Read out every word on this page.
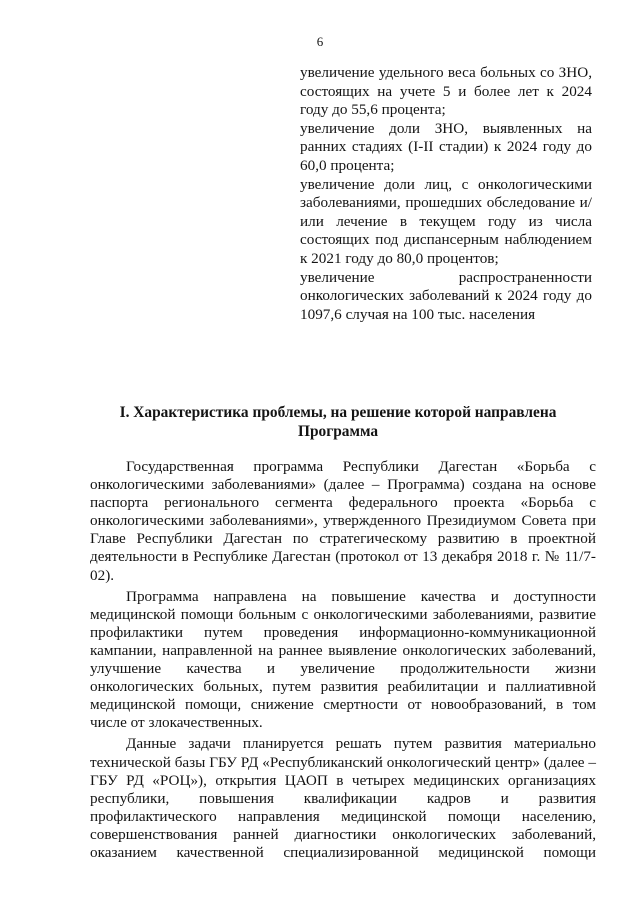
6
увеличение удельного веса больных со ЗНО, состоящих на учете 5 и более лет к 2024 году до 55,6 процента;
увеличение доли ЗНО, выявленных на ранних стадиях (I-II стадии) к 2024 году до 60,0 процента;
увеличение доли лиц, с онкологическими заболеваниями, прошедших обследование и/или лечение в текущем году из числа состоящих под диспансерным наблюдением к 2021 году до 80,0 процентов;
увеличение распространенности онкологических заболеваний к 2024 году до 1097,6 случая на 100 тыс. населения
I. Характеристика проблемы, на решение которой направлена
Программа

Государственная программа Республики Дагестан «Борьба с онкологическими заболеваниями» (далее – Программа) создана на основе паспорта регионального сегмента федерального проекта «Борьба с онкологическими заболеваниями», утвержденного Президиумом Совета при Главе Республики Дагестан по стратегическому развитию в проектной деятельности в Республике Дагестан (протокол от 13 декабря 2018 г. № 11/7-02).

Программа направлена на повышение качества и доступности медицинской помощи больным с онкологическими заболеваниями, развитие профилактики путем проведения информационно-коммуникационной кампании, направленной на раннее выявление онкологических заболеваний, улучшение качества и увеличение продолжительности жизни онкологических больных, путем развития реабилитации и паллиативной медицинской помощи, снижение смертности от новообразований, в том числе от злокачественных.

Данные задачи планируется решать путем развития материально технической базы ГБУ РД «Республиканский онкологический центр» (далее – ГБУ РД «РОЦ»), открытия ЦАОП в четырех медицинских организациях республики, повышения квалификации кадров и развития профилактического направления медицинской помощи населению, совершенствования ранней диагностики онкологических заболеваний, оказанием качественной специализированной медицинской помощи
